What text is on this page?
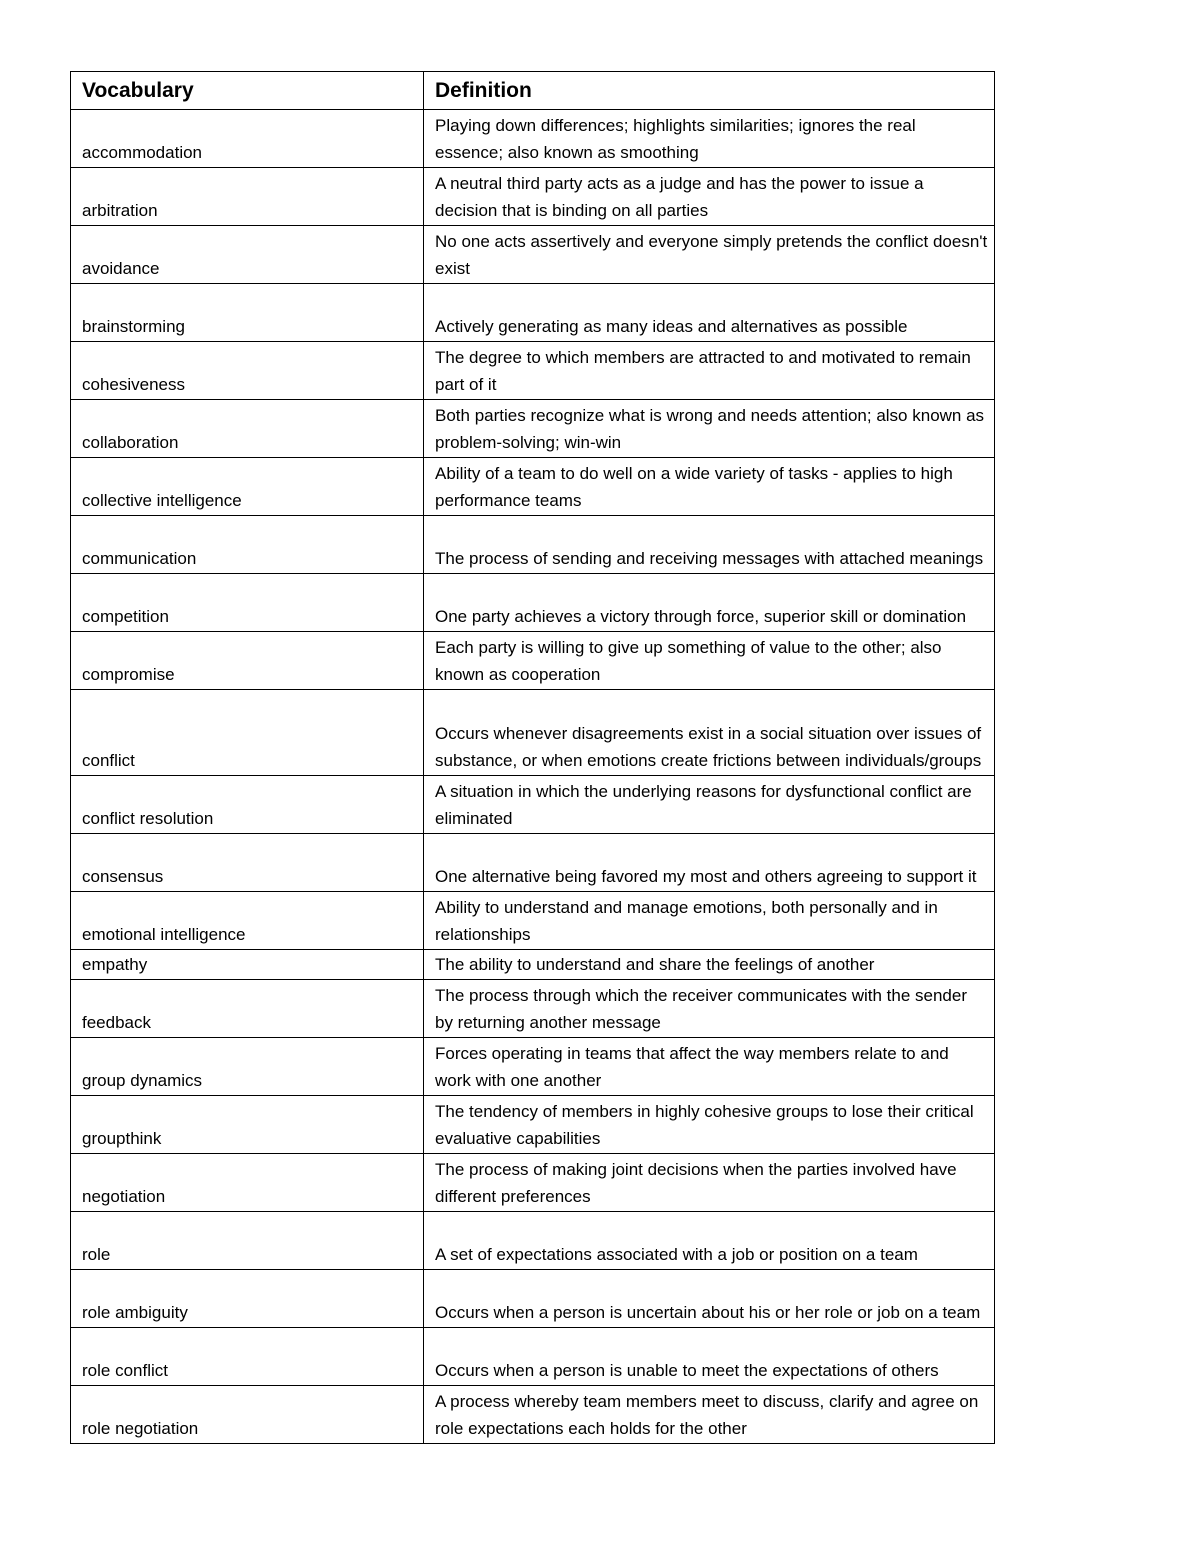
Vocabulary	Definition
accommodation	Playing down differences; highlights similarities; ignores the real essence; also known as smoothing
arbitration	A neutral third party acts as a judge and has the power to issue a decision that is binding on all parties
avoidance	No one acts assertively and everyone simply pretends the conflict doesn't exist
brainstorming	Actively generating as many ideas and alternatives as possible
cohesiveness	The degree to which members are attracted to and motivated to remain part of it
collaboration	Both parties recognize what is wrong and needs attention; also known as problem-solving; win-win
collective intelligence	Ability of a team to do well on a wide variety of tasks - applies to high performance teams
communication	The process of sending and receiving messages with attached meanings
competition	One party achieves a victory through force, superior skill or domination
compromise	Each party is willing to give up something of value to the other; also known as cooperation
conflict	Occurs whenever disagreements exist in a social situation over issues of substance, or when emotions create frictions between individuals/groups
conflict resolution	A situation in which the underlying reasons for dysfunctional conflict are eliminated
consensus	One alternative being favored my most and others agreeing to support it
emotional intelligence	Ability to understand and manage emotions, both personally and in relationships
empathy	The ability to understand and share the feelings of another
feedback	The process through which the receiver communicates with the sender by returning another message
group dynamics	Forces operating in teams that affect the way members relate to and work with one another
groupthink	The tendency of members in highly cohesive groups to lose their critical evaluative capabilities
negotiation	The process of making joint decisions when the parties involved have different preferences
role	A set of expectations associated with a job or position on a team
role ambiguity	Occurs when a person is uncertain about his or her role or job on a team
role conflict	Occurs when a person is unable to meet the expectations of others
role negotiation	A process whereby team members meet to discuss, clarify and agree on role expectations each holds for the other
